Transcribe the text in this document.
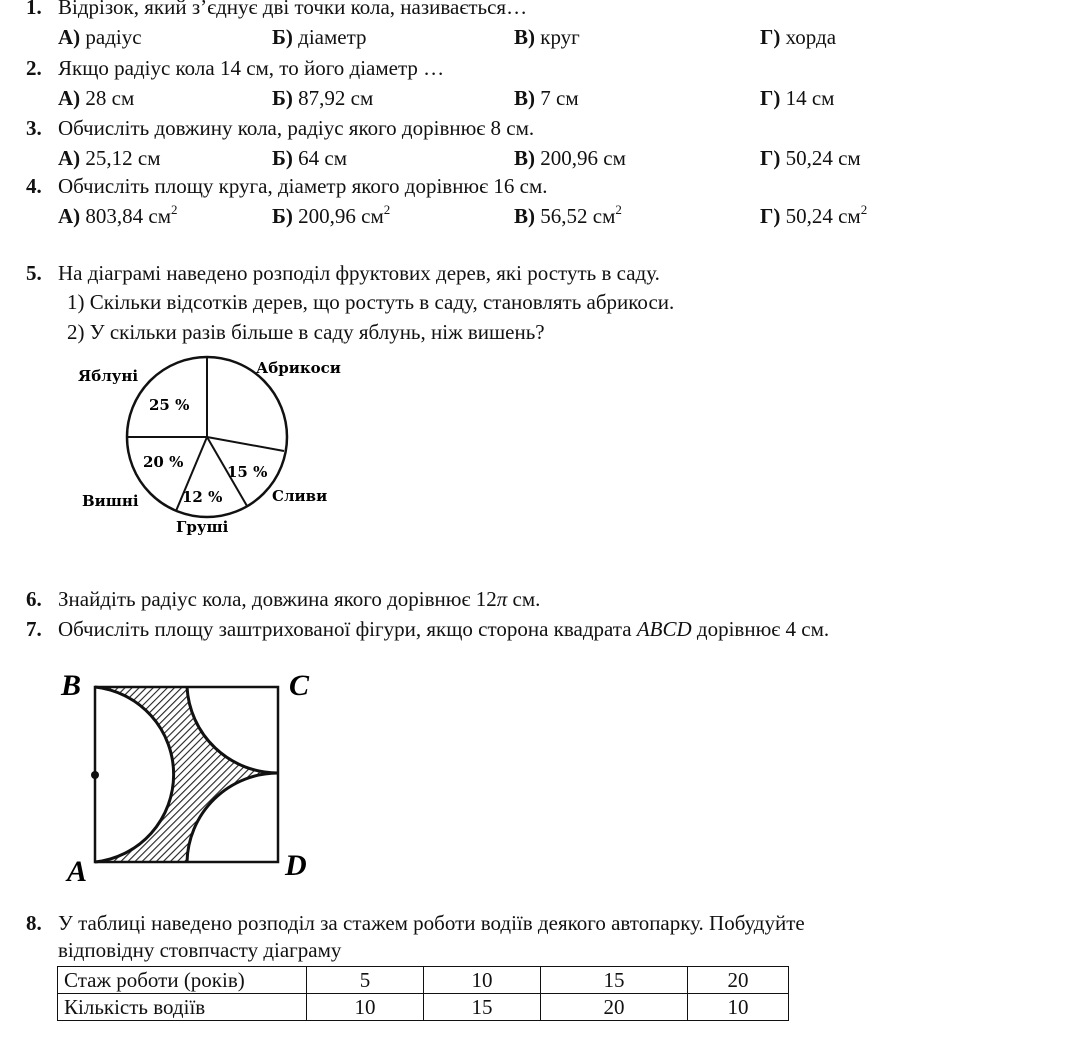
1. Відрізок, який з’єднує дві точки кола, називається…
А) радіус	Б) діаметр	В) круг	Г) хорда
2. Якщо радіус кола 14 см, то його діаметр …
А) 28 см	Б) 87,92 см	В) 7 см	Г) 14 см
3. Обчисліть довжину кола, радіус якого дорівнює 8 см.
А) 25,12 см	Б) 64 см	В) 200,96 см	Г) 50,24 см
4. Обчисліть площу круга, діаметр якого дорівнює 16 см.
А) 803,84 $см^2$	Б) 200,96 $см^2$	В) 56,52 $см^2$	Г) 50,24 $см^2$
5. На діаграмі наведено розподіл фруктових дерев, які ростуть в саду.
1) Скільки відсотків дерев, що ростуть в саду, становлять абрикоси.
2) У скільки разів більше в саду яблунь, ніж вишень?
Яблуні	Абрикоси
Вишні	Сливи
Груші
25 %
20 %
15 %
12 %
6. Знайдіть радіус кола, довжина якого дорівнює 12π см.
7. Обчисліть площу заштрихованої фігури, якщо сторона квадрата ABCD дорівнює 4 см.
B	C
A	D
8. У таблиці наведено розподіл за стажем роботи водіїв деякого автопарку. Побудуйте
відповідну стовпчасту діаграму
Стаж роботи (років)	5	10	15	20
Кількість водіїв	10	15	20	10
